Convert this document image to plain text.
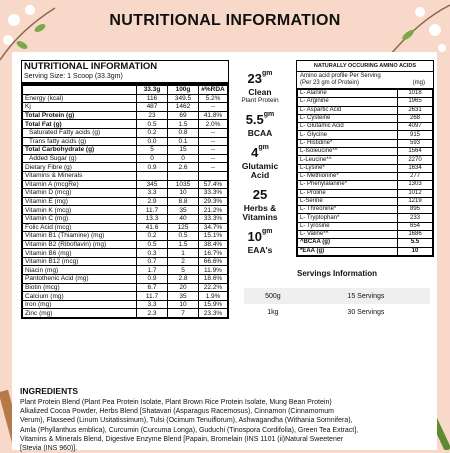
NUTRITIONAL INFORMATION
NUTRITIONAL INFORMATION
Serving Size: 1 Scoop (33.3gm)
	33.3g	100g	#%RDA
Energy (kcal)	116	349.5	5.2%
Kj	487	1462	--
Total Protein (g)	23	69	41.8%
Total Fat (g)	0.5	1.5	2.0%
Saturated Fatty acids (g)	0.2	0.8	--
Trans fatty acids (g)	0.0	0.1	--
Total Carbohydrate (g)	5	15	--
Added Sugar (g)	0	0	--
Dietary Fibre (g)	0.9	2.6	--
Vitamins & Minerals			
Vitamin A (mcgRe)	345	1035	57.4%
Vitamin D (mcg)	3.3	10	33.3%
Vitamin E (mg)	2.9	8.8	29.3%
Vitamin K (mcg)	11.7	35	21.2%
Vitamin C (mg)	13.3	40	33.3%
Folic Acid (mcg)	41.6	125	34.7%
Vitamin B1 (Thiamine) (mg)	0.2	0.5	15.1%
Vitamin B2 (Riboflavin) (mg)	0.5	1.5	38.4%
Vitamin B6 (mg)	0.3	1	16.7%
Vitamin B12 (mcg)	0.7	2	66.6%
Niacin (mg)	1.7	5	11.9%
Pantothenic Acid (mg)	0.9	2.8	18.6%
Biotin (mcg)	6.7	20	22.2%
Calcium (mg)	11.7	35	1.9%
Iron (mg)	3.3	10	15.9%
Zinc (mg)	2.3	7	23.3%
$23^{gm}$
Clean
Plant Protein
$5.5^{gm}$
BCAA
$4^{gm}$
Glutamic
Acid
25
Herbs &
Vitamins
$10^{gm}$
EAA's
NATURALLY OCCURING AMINO ACIDS
Amino acid profile Per Serving
(Per 23 gm of Protein)	(mg)
L- Alanine	1018
L- Arginine	1965
L- Aspartic Acid	2631
L- Cysteine	268
L- Glutamic Acid	4097
L- Glycine	915
L- Histidine*	593
L-Isoleucine*^	1564
L-Leucine*^	2270
L-Lysine*	1634
L- Methionine*	277
L- Phenylalanine*	1303
L- Proline	1012
L-Serine	1219
L- Threonine*	895
L- Tryptophan*	233
L- Tyrosine	654
L- Valine*^	1686
^BCAA (g)	5.5
*EAA (g)	10
Servings Information
500g	15 Servings
1kg	30 Servings
INGREDIENTS
Plant Protein Blend (Plant Pea Protein Isolate, Plant Brown Rice Protein Isolate, Mung Bean Protein) Alkalized Cocoa Powder, Herbs Blend [Shatavari (Asparagus Racemosus), Cinnamon (Cinnamomum Verum), Flaxseed (Linum Usitatissimum), Tulsi (Ocimum Tenuiflorum), Ashwagandha (Withania Somnifera), Amla (Phyllanthus emblica), Curcumin (Curcuma Longa), Guduchi (Tinospora Cordifolia), Green Tea Extract], Vitamins & Minerals Blend, Digestive Enzyme Blend [Papain, Bromelain (INS 1101 (ii)Natural Sweetener [Stevia (INS 960)].
